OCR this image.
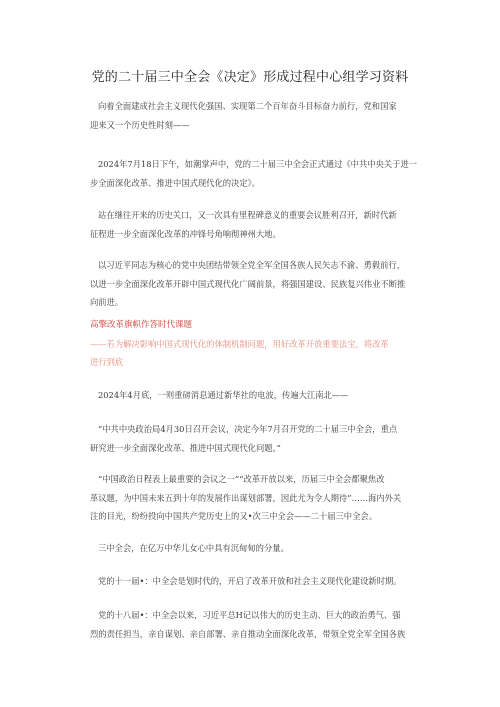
党的二十届三中全会《决定》形成过程中心组学习资料
向着全面建成社会主义现代化强国、实现第二个百年奋斗目标奋力前行，党和国家
迎来又一个历史性时刻——
2024年7月18日下午，如潮掌声中，党的二十届三中全会正式通过《中共中央关于进一
步全面深化改革、推进中国式现代化的决定》。
站在继往开来的历史关口，又一次具有里程碑意义的重要会议胜利召开，新时代新
征程进一步全面深化改革的冲锋号角响彻神州大地。
以习近平同志为核心的党中央团结带领全党全军全国各族人民矢志不渝、勇毅前行，
以进一步全面深化改革开辟中国式现代化广阔前景，将强国建设、民族复兴伟业不断推
向前进。
高擎改革旗帜作答时代课题
——若为解决影响中国式现代化的体制机制问题，用好改革开放重要法宝，将改革
进行到底
2024年4月底，一则重磅消息通过新华社的电波，传遍大江南北——
“中共中央政治局4月30日召开会议，决定今年7月召开党的二十届三中全会，重点
研究进一步全面深化改革、推进中国式现代化问题。”
“中国政治日程表上最重要的会议之一”“改革开放以来，历届三中全会都聚焦改
革议题，为中国未来五到十年的发展作出谋划部署，因此尤为令人期待”……海内外关
注的目光，纷纷投向中国共产党历史上的又•次三中全会——二十届三中全会。
三中全会，在亿万中华儿女心中具有沉甸甸的分量。
党的十一届•：中全会是划时代的，开启了改革开放和社会主义现代化建设新时期。
党的十八届•：中全会以来，习近平总H记以伟大的历史主动、巨大的政治勇气、强
烈的责任担当，亲自谋划、亲自部署、亲自推动全面深化改革，带领全党全军全国各族
